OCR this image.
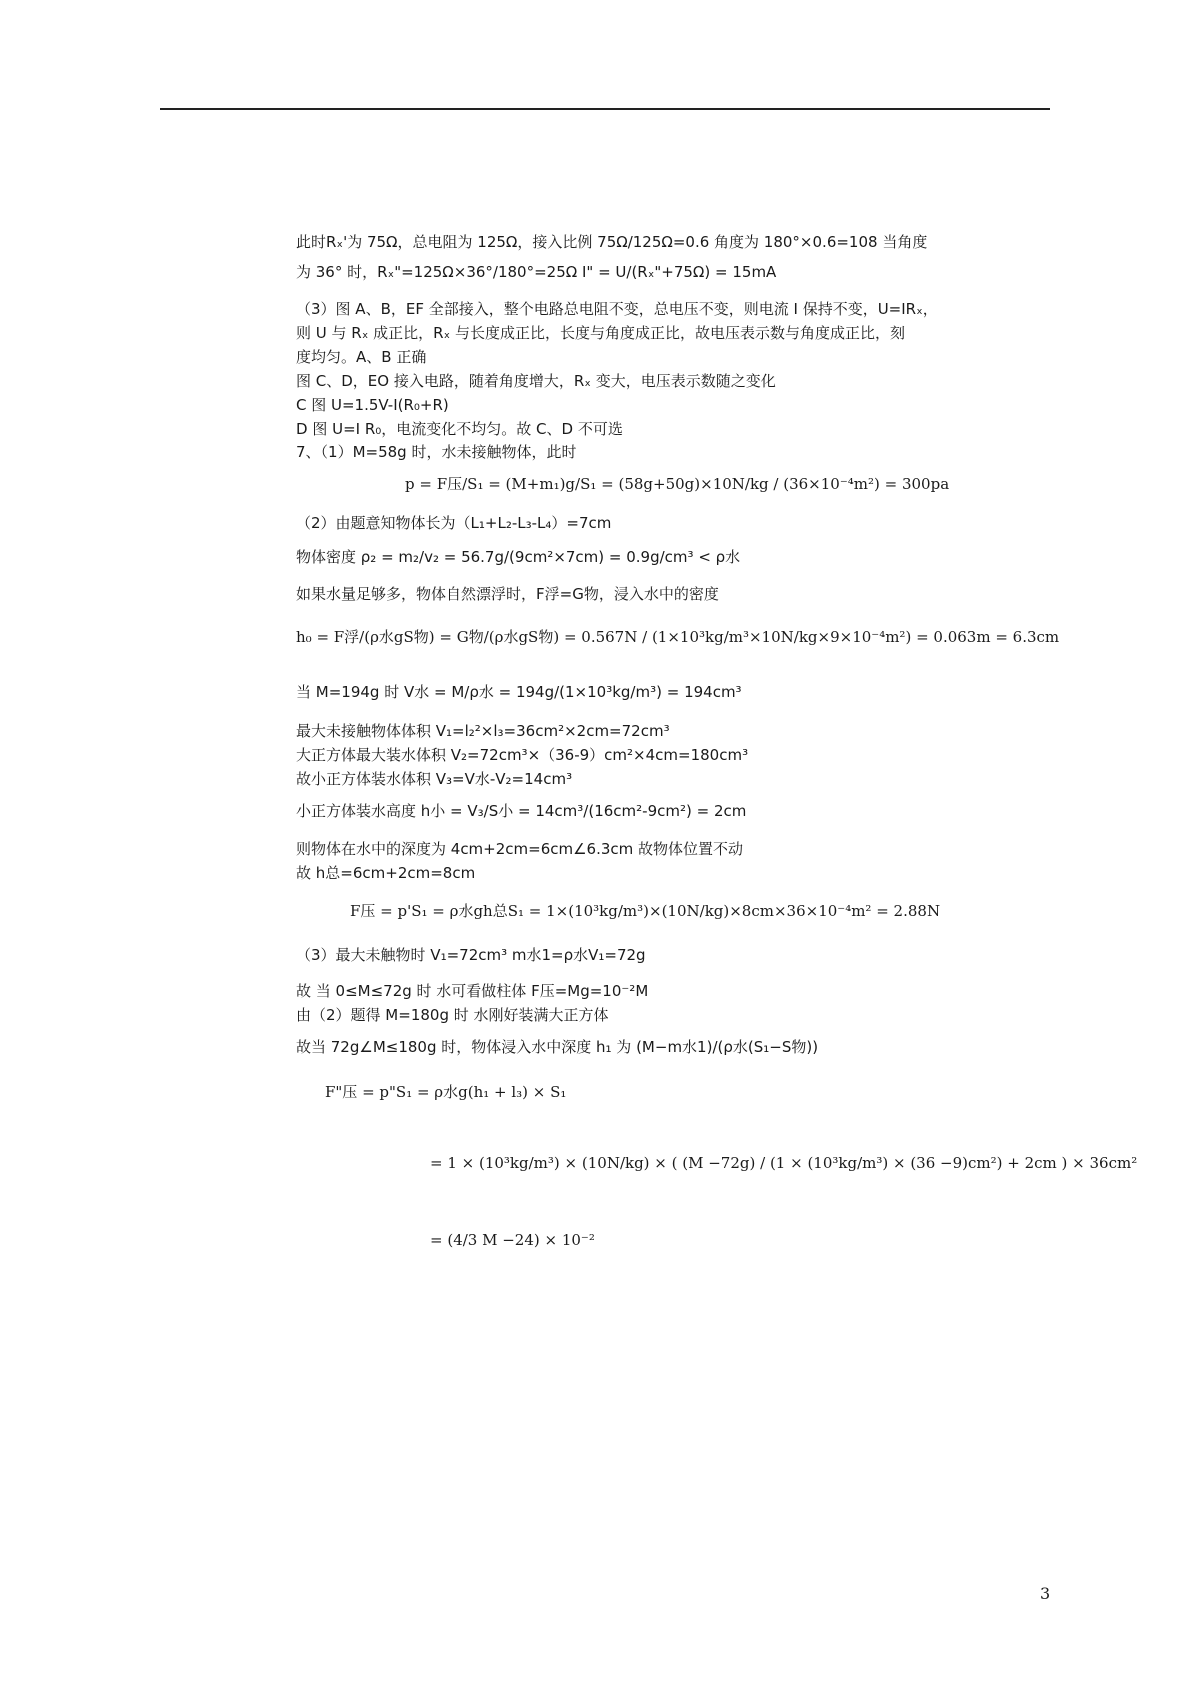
此时Rₓ'为 75Ω，总电阻为 125Ω，接入比例 75Ω/125Ω=0.6 角度为 180°×0.6=108 当角度
为 36° 时，Rₓ"=125Ω×36°/180°=25Ω I" = U/(Rₓ"+75Ω) = 15mA
（3）图 A、B，EF 全部接入，整个电路总电阻不变，总电压不变，则电流 I 保持不变，U=IRₓ，
则 U 与 Rₓ 成正比，Rₓ 与长度成正比，长度与角度成正比，故电压表示数与角度成正比，刻
度均匀。A、B 正确
图 C、D，EO 接入电路，随着角度增大，Rₓ 变大，电压表示数随之变化
C 图 U=1.5V-I(R₀+R)
D 图 U=I R₀，电流变化不均匀。故 C、D 不可选
7、（1）M=58g 时，水未接触物体，此时
p = F压/S₁ = (M+m₁)g/S₁ = (58g+50g)×10N/kg / (36×10⁻⁴m²) = 300pa
（2）由题意知物体长为（L₁+L₂-L₃-L₄）=7cm
物体密度 ρ₂ = m₂/v₂ = 56.7g/(9cm²×7cm) = 0.9g/cm³ < ρ水
如果水量足够多，物体自然漂浮时，F浮=G物，浸入水中的密度
h₀ = F浮/(ρ水gS物) = G物/(ρ水gS物) = 0.567N / (1×10³kg/m³×10N/kg×9×10⁻⁴m²) = 0.063m = 6.3cm
当 M=194g 时 V水 = M/ρ水 = 194g/(1×10³kg/m³) = 194cm³
最大未接触物体体积 V₁=l₂²×l₃=36cm²×2cm=72cm³
大正方体最大装水体积 V₂=72cm³×（36-9）cm²×4cm=180cm³
故小正方体装水体积 V₃=V水-V₂=14cm³
小正方体装水高度 h小 = V₃/S小 = 14cm³/(16cm²-9cm²) = 2cm
则物体在水中的深度为 4cm+2cm=6cm∠6.3cm 故物体位置不动
故 h总=6cm+2cm=8cm
F压 = p'S₁ = ρ水gh总S₁ = 1×(10³kg/m³)×(10N/kg)×8cm×36×10⁻⁴m² = 2.88N
（3）最大未触物时 V₁=72cm³ m水1=ρ水V₁=72g
故 当 0≤M≤72g 时 水可看做柱体 F压=Mg=10⁻²M
由（2）题得 M=180g 时 水刚好装满大正方体
故当 72g∠M≤180g 时，物体浸入水中深度 h₁ 为 (M−m水1)/(ρ水(S₁−S物))
F"压 = p"S₁ = ρ水g(h₁ + l₃) × S₁
= 1 × (10³kg/m³) × (10N/kg) × ( (M −72g) / (1 × (10³kg/m³) × (36 −9)cm²) + 2cm ) × 36cm²
= (4/3 M −24) × 10⁻²
3
